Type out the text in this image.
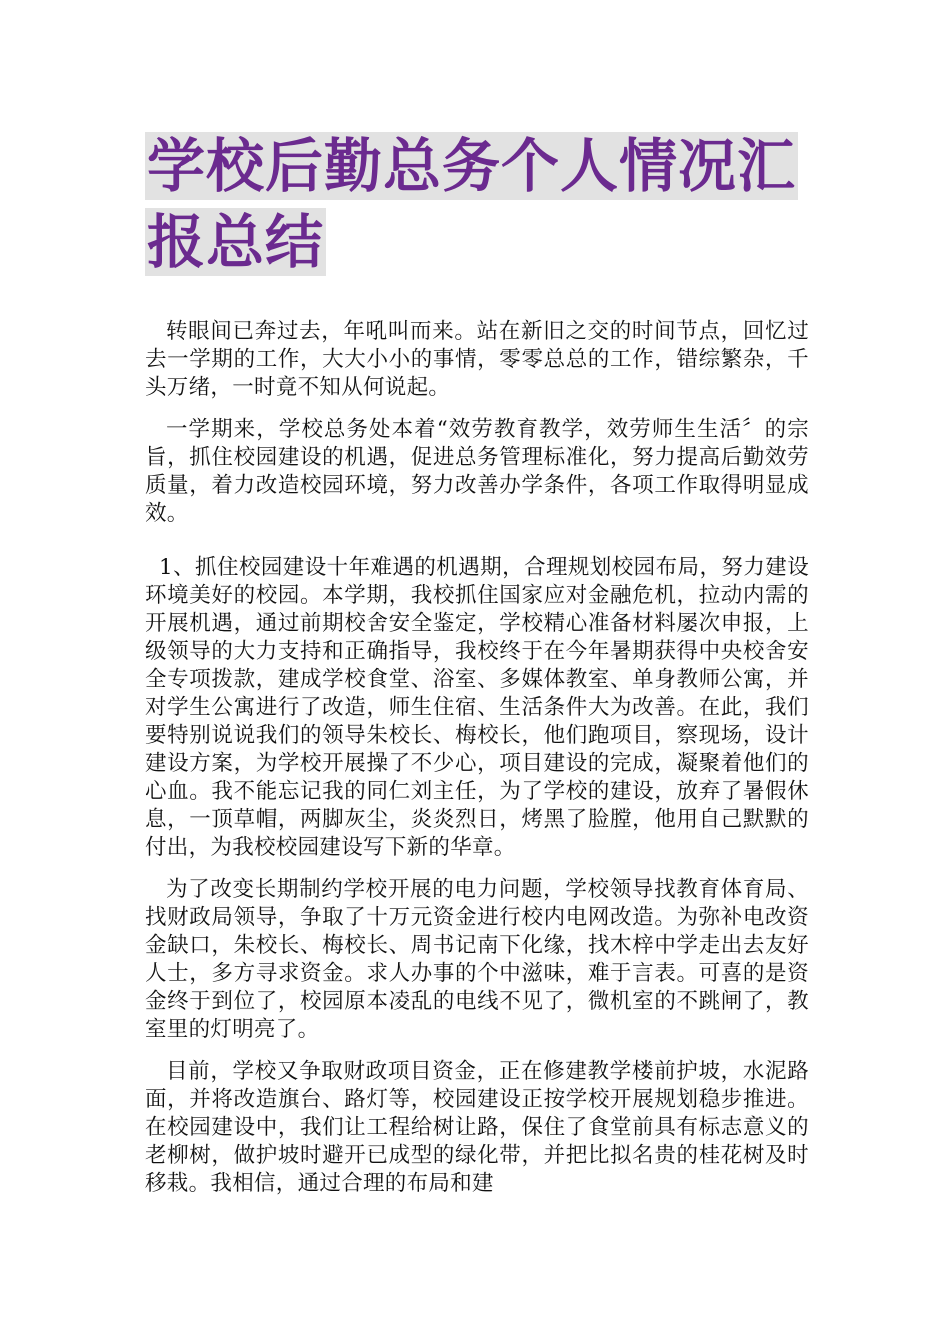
学校后勤总务个人情况汇
报总结

转眼间已奔过去，年吼叫而来。站在新旧之交的时间节点，回忆过去一学期的工作，大大小小的事情，零零总总的工作，错综繁杂，千头万绪，一时竟不知从何说起。

一学期来，学校总务处本着“效劳教育教学，效劳师生生活〞的宗旨，抓住校园建设的机遇，促进总务管理标准化，努力提高后勤效劳质量，着力改造校园环境，努力改善办学条件，各项工作取得明显成效。

1、抓住校园建设十年难遇的机遇期，合理规划校园布局，努力建设环境美好的校园。本学期，我校抓住国家应对金融危机，拉动内需的开展机遇，通过前期校舍安全鉴定，学校精心准备材料屡次申报，上级领导的大力支持和正确指导，我校终于在今年暑期获得中央校舍安全专项拨款，建成学校食堂、浴室、多媒体教室、单身教师公寓，并对学生公寓进行了改造，师生住宿、生活条件大为改善。在此，我们要特别说说我们的领导朱校长、梅校长，他们跑项目，察现场，设计建设方案，为学校开展操了不少心，项目建设的完成，凝聚着他们的心血。我不能忘记我的同仁刘主任，为了学校的建设，放弃了暑假休息，一顶草帽，两脚灰尘，炎炎烈日，烤黑了脸膛，他用自己默默的付出，为我校校园建设写下新的华章。

为了改变长期制约学校开展的电力问题，学校领导找教育体育局、找财政局领导，争取了十万元资金进行校内电网改造。为弥补电改资金缺口，朱校长、梅校长、周书记南下化缘，找木梓中学走出去友好人士，多方寻求资金。求人办事的个中滋味，难于言表。可喜的是资金终于到位了，校园原本凌乱的电线不见了，微机室的不跳闸了，教室里的灯明亮了。

目前，学校又争取财政项目资金，正在修建教学楼前护坡，水泥路面，并将改造旗台、路灯等，校园建设正按学校开展规划稳步推进。在校园建设中，我们让工程给树让路，保住了食堂前具有标志意义的老柳树，做护坡时避开已成型的绿化带，并把比拟名贵的桂花树及时移栽。我相信，通过合理的布局和建
